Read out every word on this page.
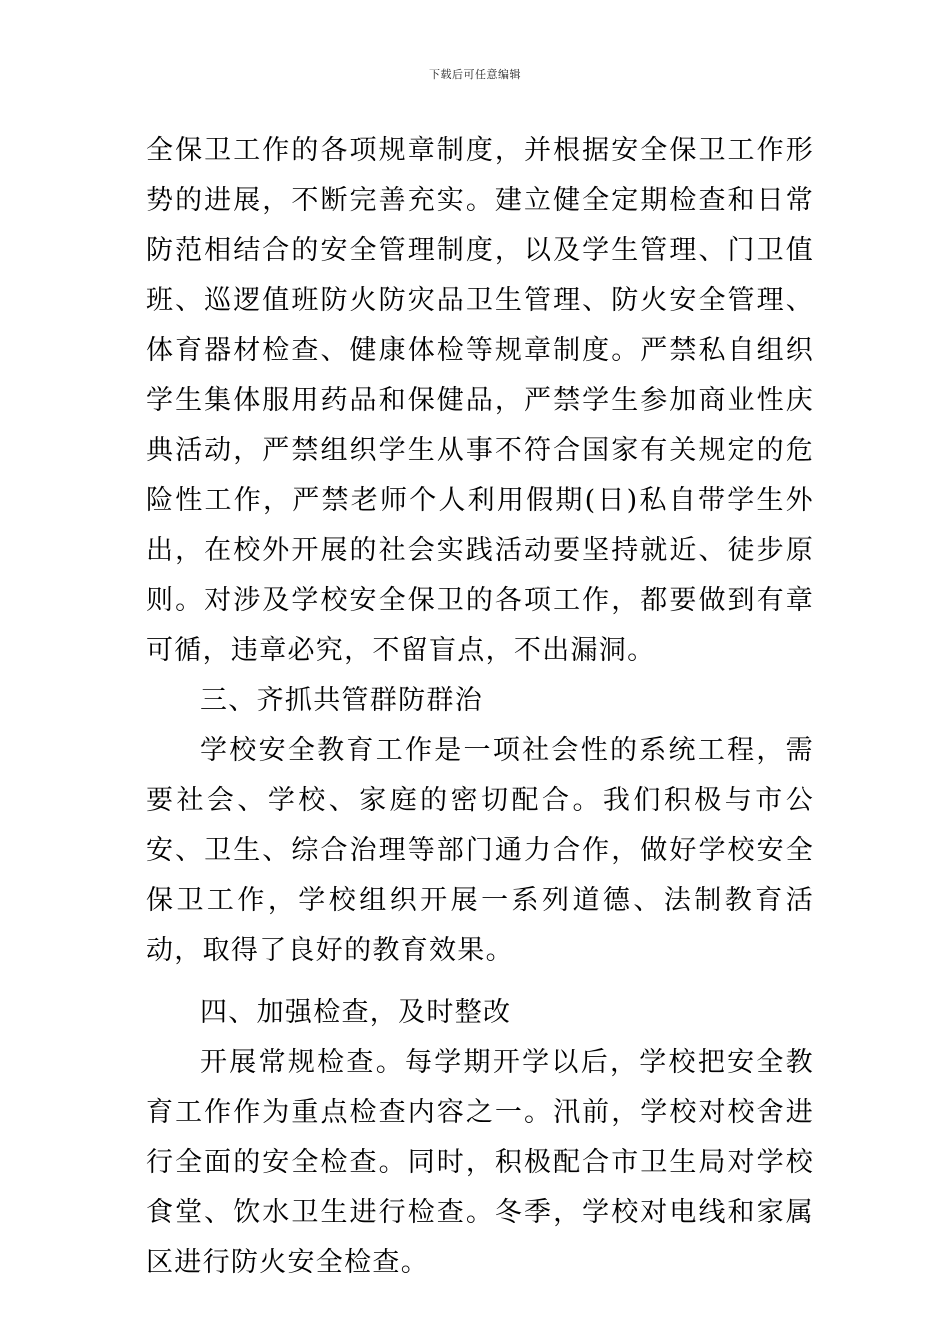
下载后可任意编辑

全保卫工作的各项规章制度，并根据安全保卫工作形势的进展，不断完善充实。建立健全定期检查和日常防范相结合的安全管理制度，以及学生管理、门卫值班、巡逻值班防火防灾品卫生管理、防火安全管理、体育器材检查、健康体检等规章制度。严禁私自组织学生集体服用药品和保健品，严禁学生参加商业性庆典活动，严禁组织学生从事不符合国家有关规定的危险性工作，严禁老师个人利用假期(日)私自带学生外出，在校外开展的社会实践活动要坚持就近、徒步原则。对涉及学校安全保卫的各项工作，都要做到有章可循，违章必究，不留盲点，不出漏洞。

三、齐抓共管群防群治

学校安全教育工作是一项社会性的系统工程，需要社会、学校、家庭的密切配合。我们积极与市公安、卫生、综合治理等部门通力合作，做好学校安全保卫工作，学校组织开展一系列道德、法制教育活动，取得了良好的教育效果。

四、加强检查，及时整改

开展常规检查。每学期开学以后，学校把安全教育工作作为重点检查内容之一。汛前，学校对校舍进行全面的安全检查。同时，积极配合市卫生局对学校食堂、饮水卫生进行检查。冬季，学校对电线和家属区进行防火安全检查。
